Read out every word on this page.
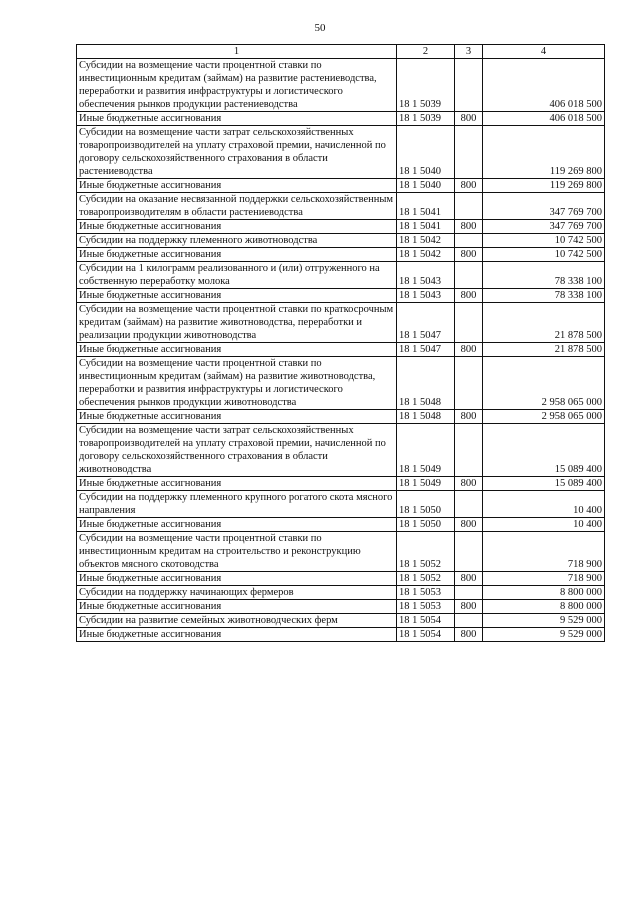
50
1	2	3	4
Субсидии на возмещение части процентной ставки по инвестиционным кредитам (займам) на развитие растениеводства, переработки и развития инфраструктуры и логистического обеспечения рынков продукции растениеводства	18 1 5039		406 018 500
Иные бюджетные ассигнования	18 1 5039	800	406 018 500
Субсидии на возмещение части затрат сельскохозяйственных товаропроизводителей на уплату страховой премии, начисленной по договору сельскохозяйственного страхования в области растениеводства	18 1 5040		119 269 800
Иные бюджетные ассигнования	18 1 5040	800	119 269 800
Субсидии на оказание несвязанной поддержки сельскохозяйственным товаропроизводителям в области растениеводства	18 1 5041		347 769 700
Иные бюджетные ассигнования	18 1 5041	800	347 769 700
Субсидии на поддержку племенного животноводства	18 1 5042		10 742 500
Иные бюджетные ассигнования	18 1 5042	800	10 742 500
Субсидии на 1 килограмм реализованного и (или) отгруженного на собственную переработку молока	18 1 5043		78 338 100
Иные бюджетные ассигнования	18 1 5043	800	78 338 100
Субсидии на возмещение части процентной ставки по краткосрочным кредитам (займам) на развитие животноводства, переработки и реализации продукции животноводства	18 1 5047		21 878 500
Иные бюджетные ассигнования	18 1 5047	800	21 878 500
Субсидии на возмещение части процентной ставки по инвестиционным кредитам (займам) на развитие животноводства, переработки и развития инфраструктуры и логистического обеспечения рынков продукции животноводства	18 1 5048		2 958 065 000
Иные бюджетные ассигнования	18 1 5048	800	2 958 065 000
Субсидии на возмещение части затрат сельскохозяйственных товаропроизводителей на уплату страховой премии, начисленной по договору сельскохозяйственного страхования в области животноводства	18 1 5049		15 089 400
Иные бюджетные ассигнования	18 1 5049	800	15 089 400
Субсидии на поддержку племенного крупного рогатого скота мясного направления	18 1 5050		10 400
Иные бюджетные ассигнования	18 1 5050	800	10 400
Субсидии на возмещение части процентной ставки по инвестиционным кредитам на строительство и реконструкцию объектов мясного скотоводства	18 1 5052		718 900
Иные бюджетные ассигнования	18 1 5052	800	718 900
Субсидии на поддержку начинающих фермеров	18 1 5053		8 800 000
Иные бюджетные ассигнования	18 1 5053	800	8 800 000
Субсидии на развитие семейных животноводческих ферм	18 1 5054		9 529 000
Иные бюджетные ассигнования	18 1 5054	800	9 529 000
